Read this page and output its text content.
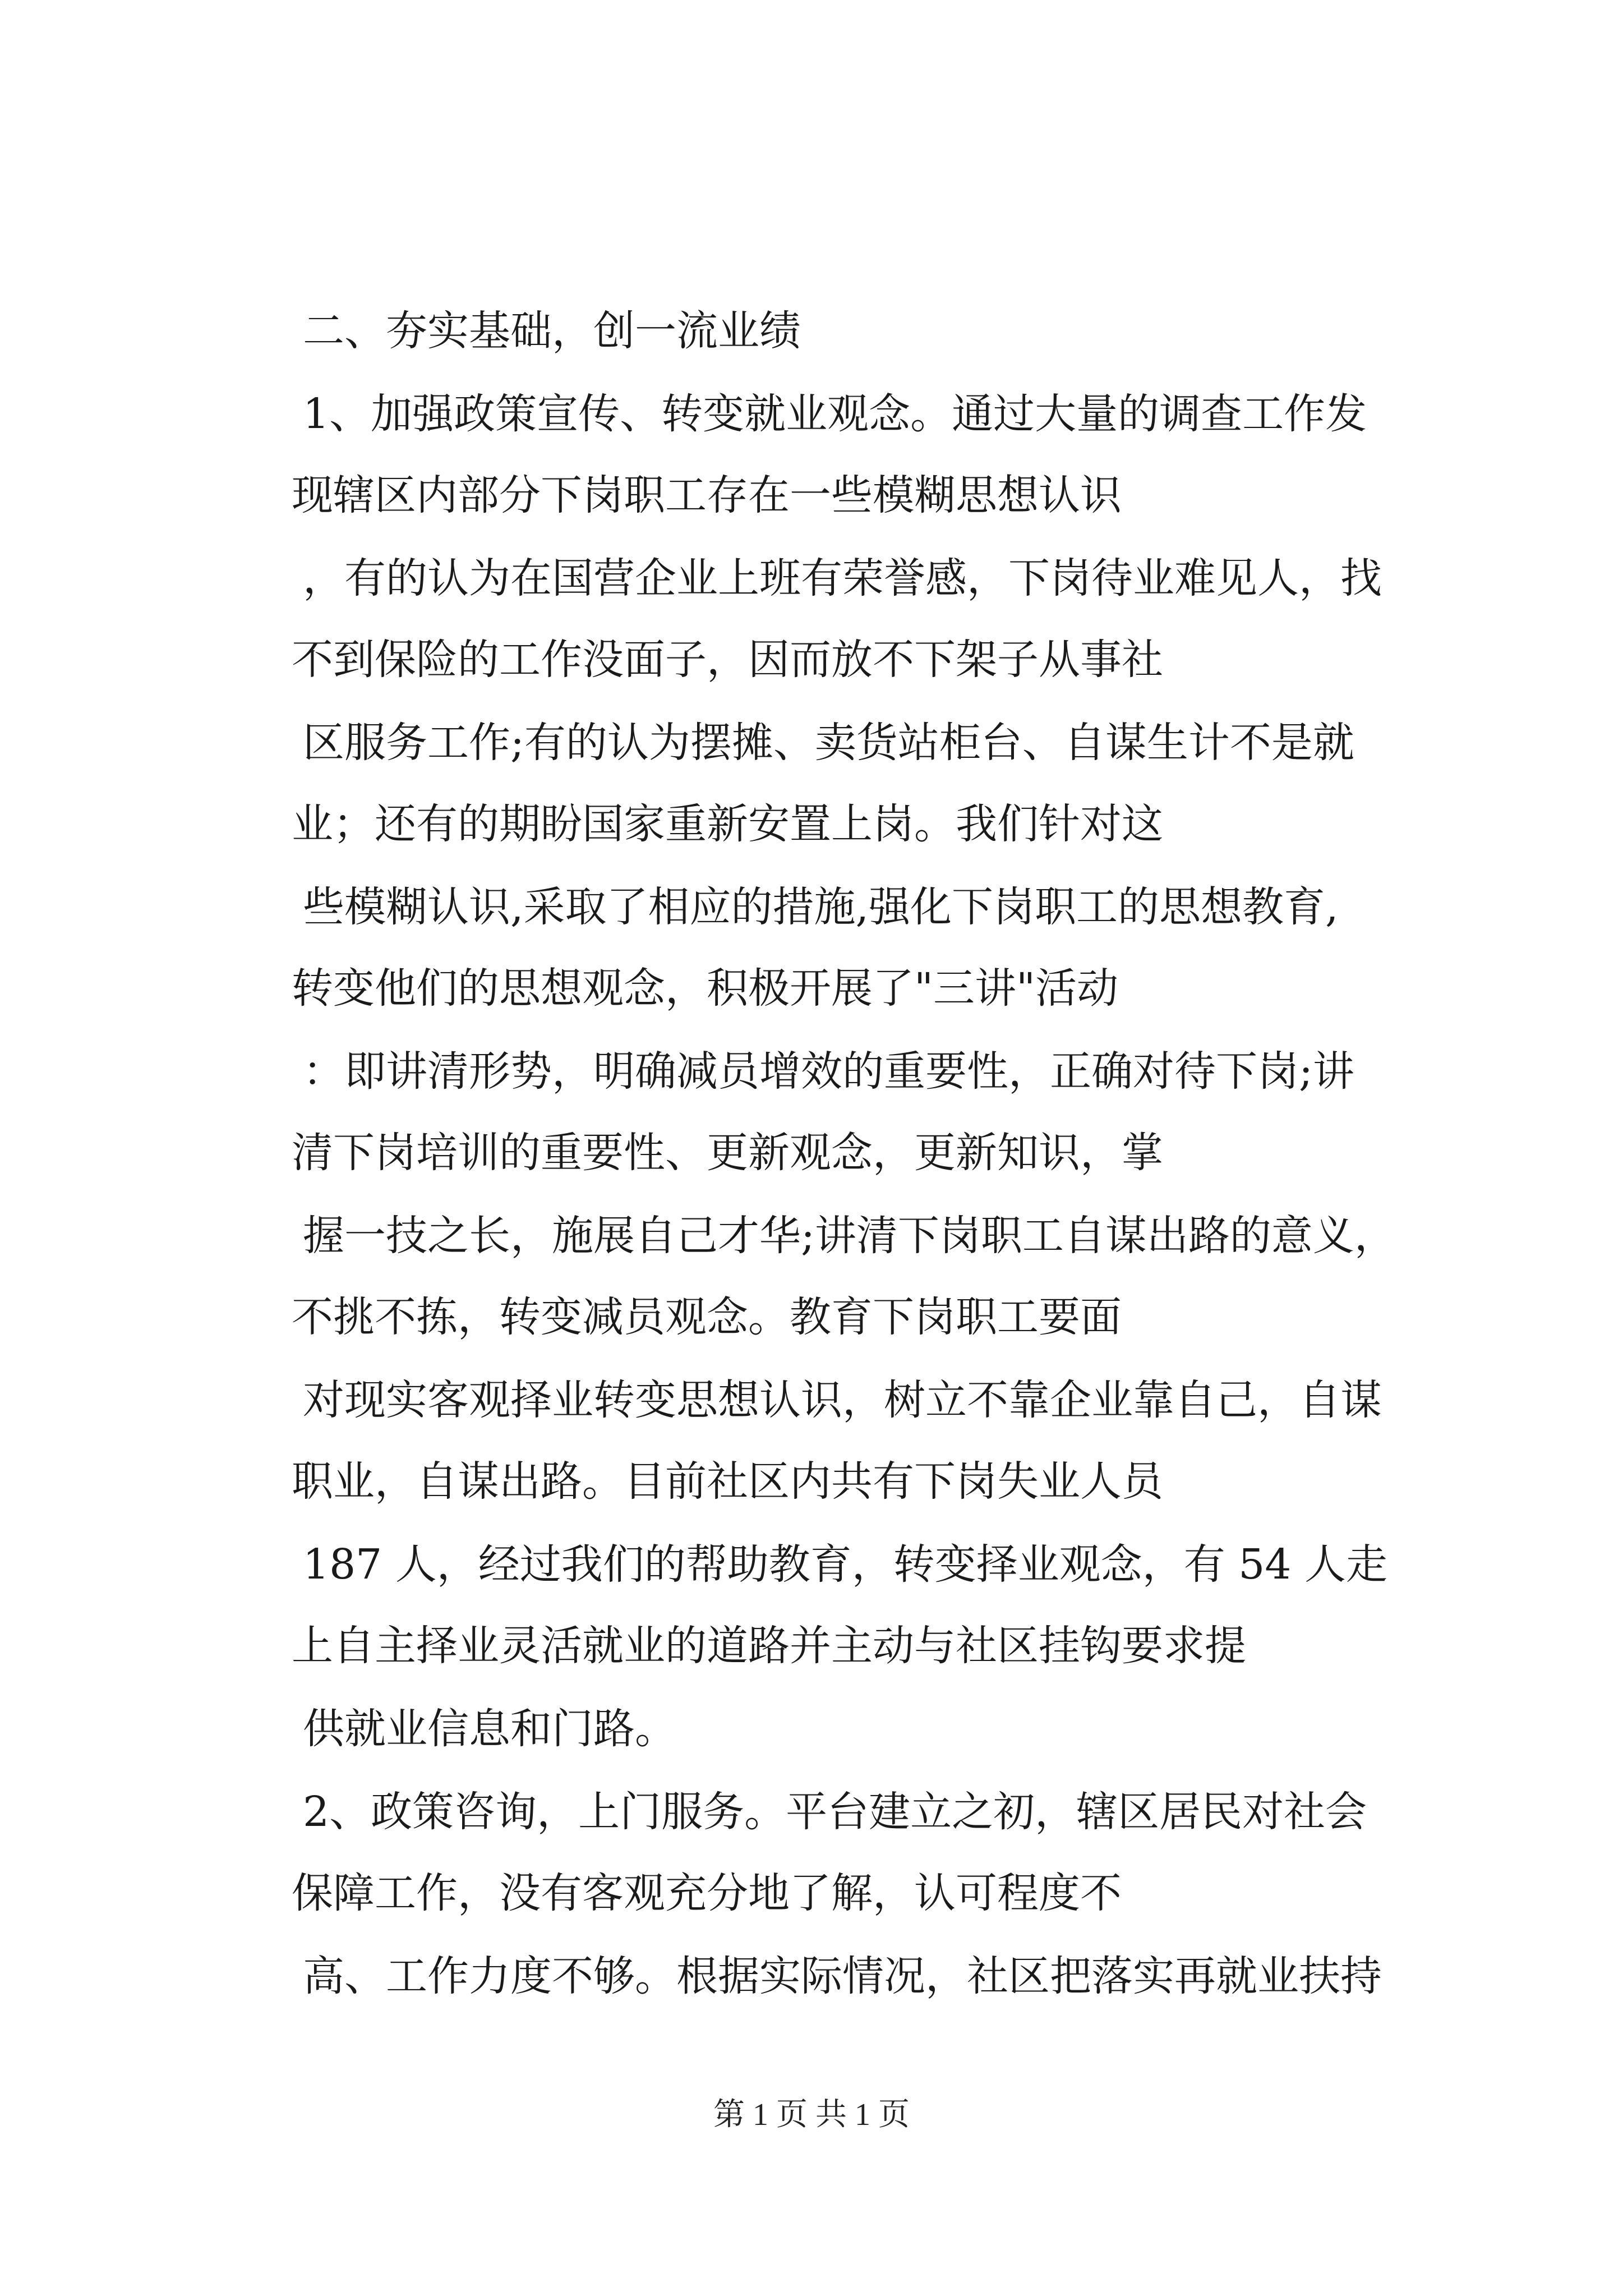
二、夯实基础，创一流业绩
1、加强政策宣传、转变就业观念。通过大量的调查工作发
现辖区内部分下岗职工存在一些模糊思想认识
，有的认为在国营企业上班有荣誉感，下岗待业难见人，找
不到保险的工作没面子，因而放不下架子从事社
区服务工作;有的认为摆摊、卖货站柜台、自谋生计不是就
业；还有的期盼国家重新安置上岗。我们针对这
些模糊认识,采取了相应的措施,强化下岗职工的思想教育,
转变他们的思想观念，积极开展了"三讲"活动
：即讲清形势，明确减员增效的重要性，正确对待下岗;讲
清下岗培训的重要性、更新观念，更新知识，掌
握一技之长，施展自己才华;讲清下岗职工自谋出路的意义，
不挑不拣，转变减员观念。教育下岗职工要面
对现实客观择业转变思想认识，树立不靠企业靠自己，自谋
职业，自谋出路。目前社区内共有下岗失业人员
187 人，经过我们的帮助教育，转变择业观念，有 54 人走
上自主择业灵活就业的道路并主动与社区挂钩要求提
供就业信息和门路。
2、政策咨询，上门服务。平台建立之初，辖区居民对社会
保障工作，没有客观充分地了解，认可程度不
高、工作力度不够。根据实际情况，社区把落实再就业扶持
第 1 页 共 1 页
